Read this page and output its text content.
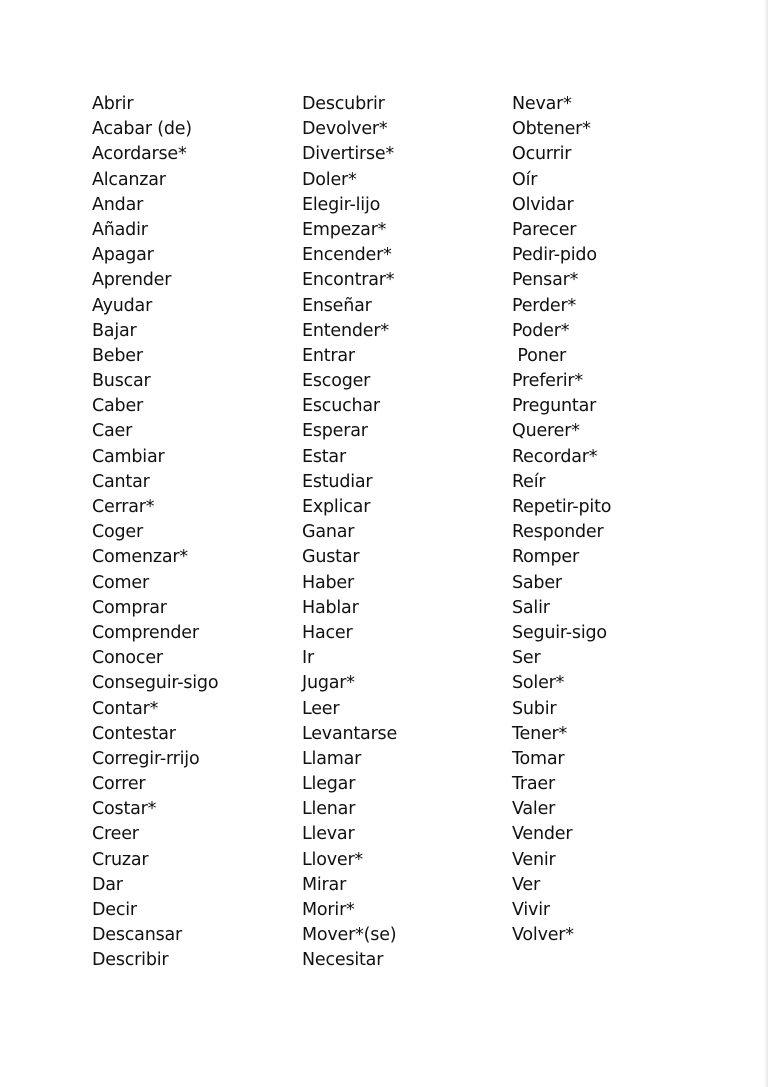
Abrir
Acabar (de)
Acordarse*
Alcanzar
Andar
Añadir
Apagar
Aprender
Ayudar
Bajar
Beber
Buscar
Caber
Caer
Cambiar
Cantar
Cerrar*
Coger
Comenzar*
Comer
Comprar
Comprender
Conocer
Conseguir-sigo
Contar*
Contestar
Corregir-rrijo
Correr
Costar*
Creer
Cruzar
Dar
Decir
Descansar
Describir
Descubrir
Devolver*
Divertirse*
Doler*
Elegir-lijo
Empezar*
Encender*
Encontrar*
Enseñar
Entender*
Entrar
Escoger
Escuchar
Esperar
Estar
Estudiar
Explicar
Ganar
Gustar
Haber
Hablar
Hacer
Ir
Jugar*
Leer
Levantarse
Llamar
Llegar
Llenar
Llevar
Llover*
Mirar
Morir*
Mover*(se)
Necesitar
Nevar*
Obtener*
Ocurrir
Oír
Olvidar
Parecer
Pedir-pido
Pensar*
Perder*
Poder*
Poner
Preferir*
Preguntar
Querer*
Recordar*
Reír
Repetir-pito
Responder
Romper
Saber
Salir
Seguir-sigo
Ser
Soler*
Subir
Tener*
Tomar
Traer
Valer
Vender
Venir
Ver
Vivir
Volver*
